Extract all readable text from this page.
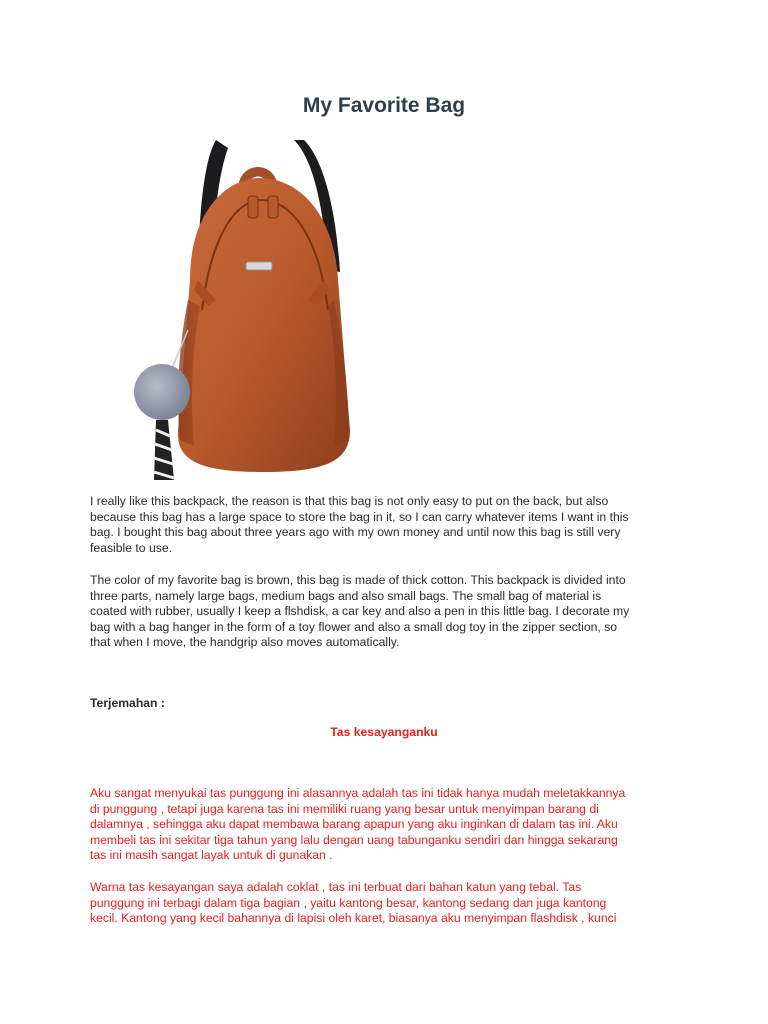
My Favorite Bag

I really like this backpack, the reason is that this bag is not only easy to put on the back, but also
because this bag has a large space to store the bag in it, so I can carry whatever items I want in this
bag. I bought this bag about three years ago with my own money and until now this bag is still very
feasible to use.

The color of my favorite bag is brown, this bag is made of thick cotton. This backpack is divided into
three parts, namely large bags, medium bags and also small bags. The small bag of material is
coated with rubber, usually I keep a flshdisk, a car key and also a pen in this little bag. I decorate my
bag with a bag hanger in the form of a toy flower and also a small dog toy in the zipper section, so
that when I move, the handgrip also moves automatically.

Terjemahan :
Tas kesayanganku

Aku sangat menyukai tas punggung ini alasannya adalah tas ini tidak hanya mudah meletakkannya
di punggung , tetapi juga karena tas ini memiliki ruang yang besar untuk menyimpan barang di
dalamnya , sehingga aku dapat membawa barang apapun yang aku inginkan di dalam tas ini. Aku
membeli tas ini sekitar tiga tahun yang lalu dengan uang tabunganku sendiri dan hingga sekarang
tas ini masih sangat layak untuk di gunakan .

Warna tas kesayangan saya adalah coklat , tas ini terbuat dari bahan katun yang tebal. Tas
punggung ini terbagi dalam tiga bagian , yaitu kantong besar, kantong sedang dan juga kantong
kecil. Kantong yang kecil bahannya di lapisi oleh karet, biasanya aku menyimpan flashdisk , kunci
